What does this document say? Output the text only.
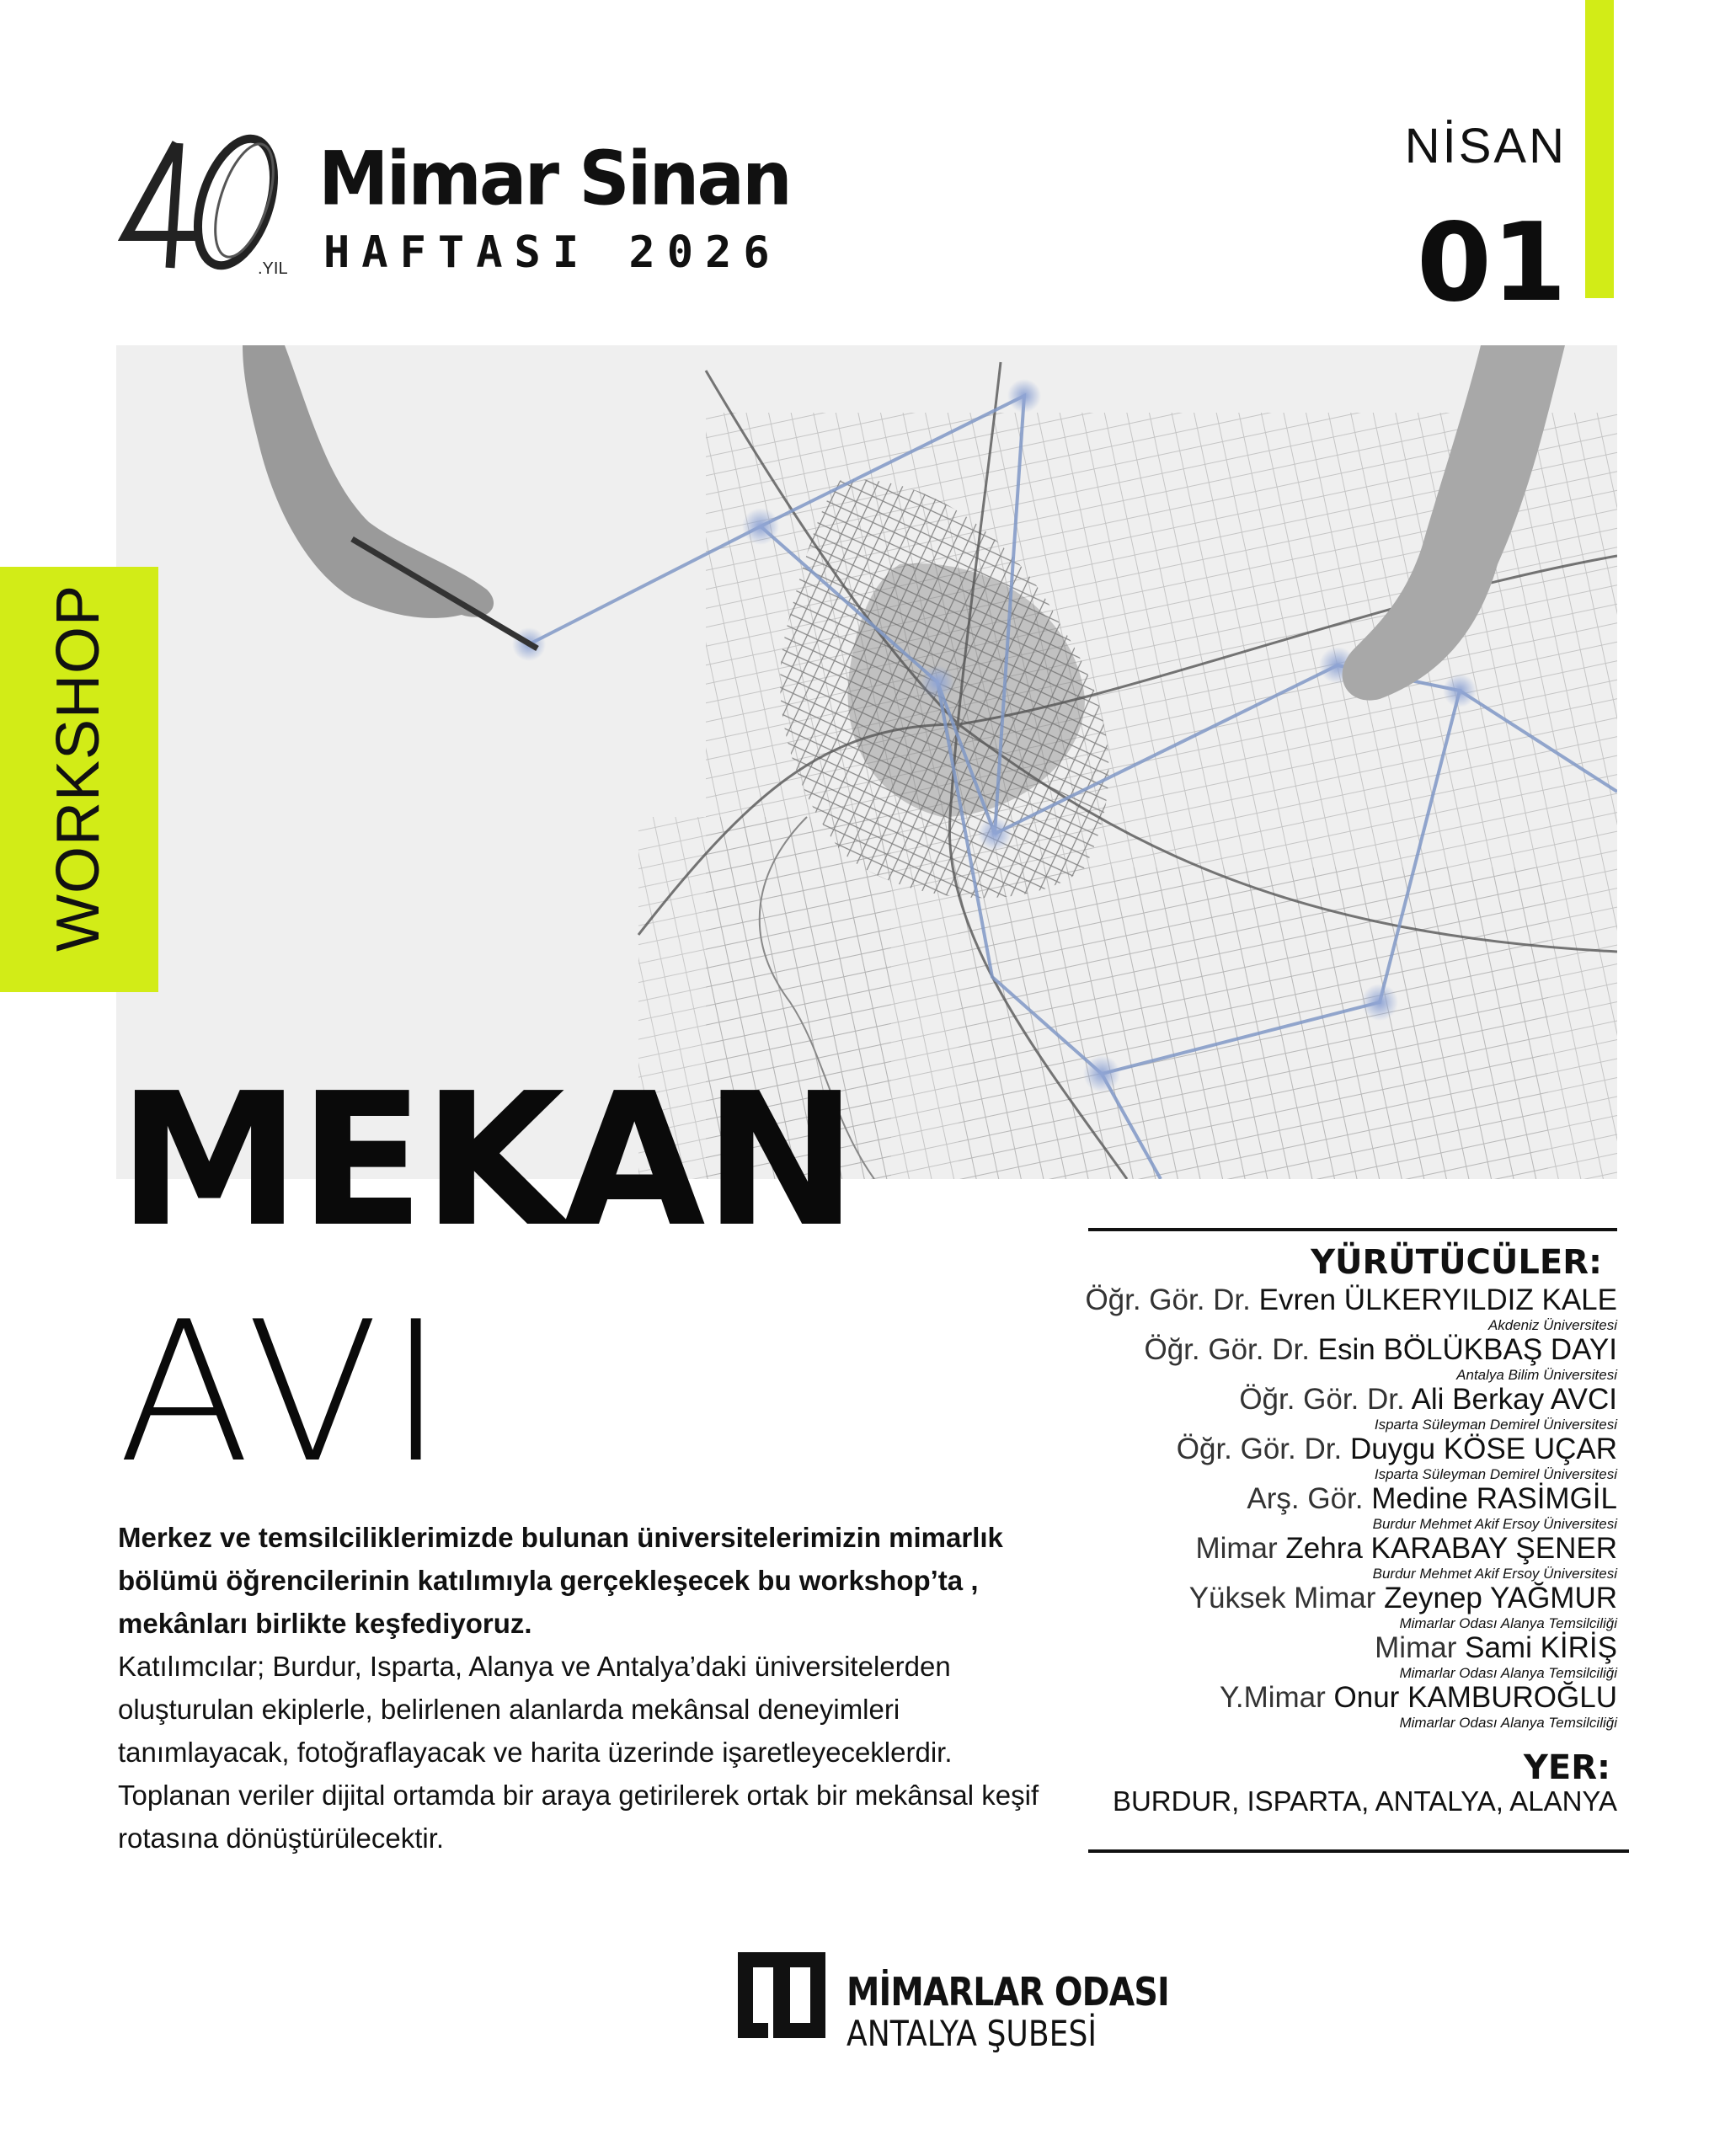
.YIL
Mimar Sinan
HAFTASI 2026
NİSAN
01
WORKSHOP
MEKAN
AVI
Merkez ve temsilciliklerimizde bulunan üniversitelerimizin mimarlık bölümü öğrencilerinin katılımıyla gerçekleşecek bu workshop’ta , mekânları birlikte keşfediyoruz.
Katılımcılar; Burdur, Isparta, Alanya ve Antalya’daki üniversitelerden oluşturulan ekiplerle, belirlenen alanlarda mekânsal deneyimleri tanımlayacak, fotoğraflayacak ve harita üzerinde işaretleyeceklerdir.
Toplanan veriler dijital ortamda bir araya getirilerek ortak bir mekânsal keşif rotasına dönüştürülecektir.
YÜRÜTÜCÜLER:
Öğr. Gör. Dr. Evren ÜLKERYILDIZ KALE
Akdeniz Üniversitesi
Öğr. Gör. Dr. Esin BÖLÜKBAŞ DAYI
Antalya Bilim Üniversitesi
Öğr. Gör. Dr. Ali Berkay AVCI
Isparta Süleyman Demirel Üniversitesi
Öğr. Gör. Dr. Duygu KÖSE UÇAR
Isparta Süleyman Demirel Üniversitesi
Arş. Gör. Medine RASİMGİL
Burdur Mehmet Akif Ersoy Üniversitesi
Mimar Zehra KARABAY ŞENER
Burdur Mehmet Akif Ersoy Üniversitesi
Yüksek Mimar Zeynep YAĞMUR
Mimarlar Odası Alanya Temsilciliği
Mimar Sami KİRİŞ
Mimarlar Odası Alanya Temsilciliği
Y.Mimar Onur KAMBUROĞLU
Mimarlar Odası Alanya Temsilciliği
YER:
BURDUR, ISPARTA, ANTALYA, ALANYA
MİMARLAR ODASI
ANTALYA ŞUBESİ
